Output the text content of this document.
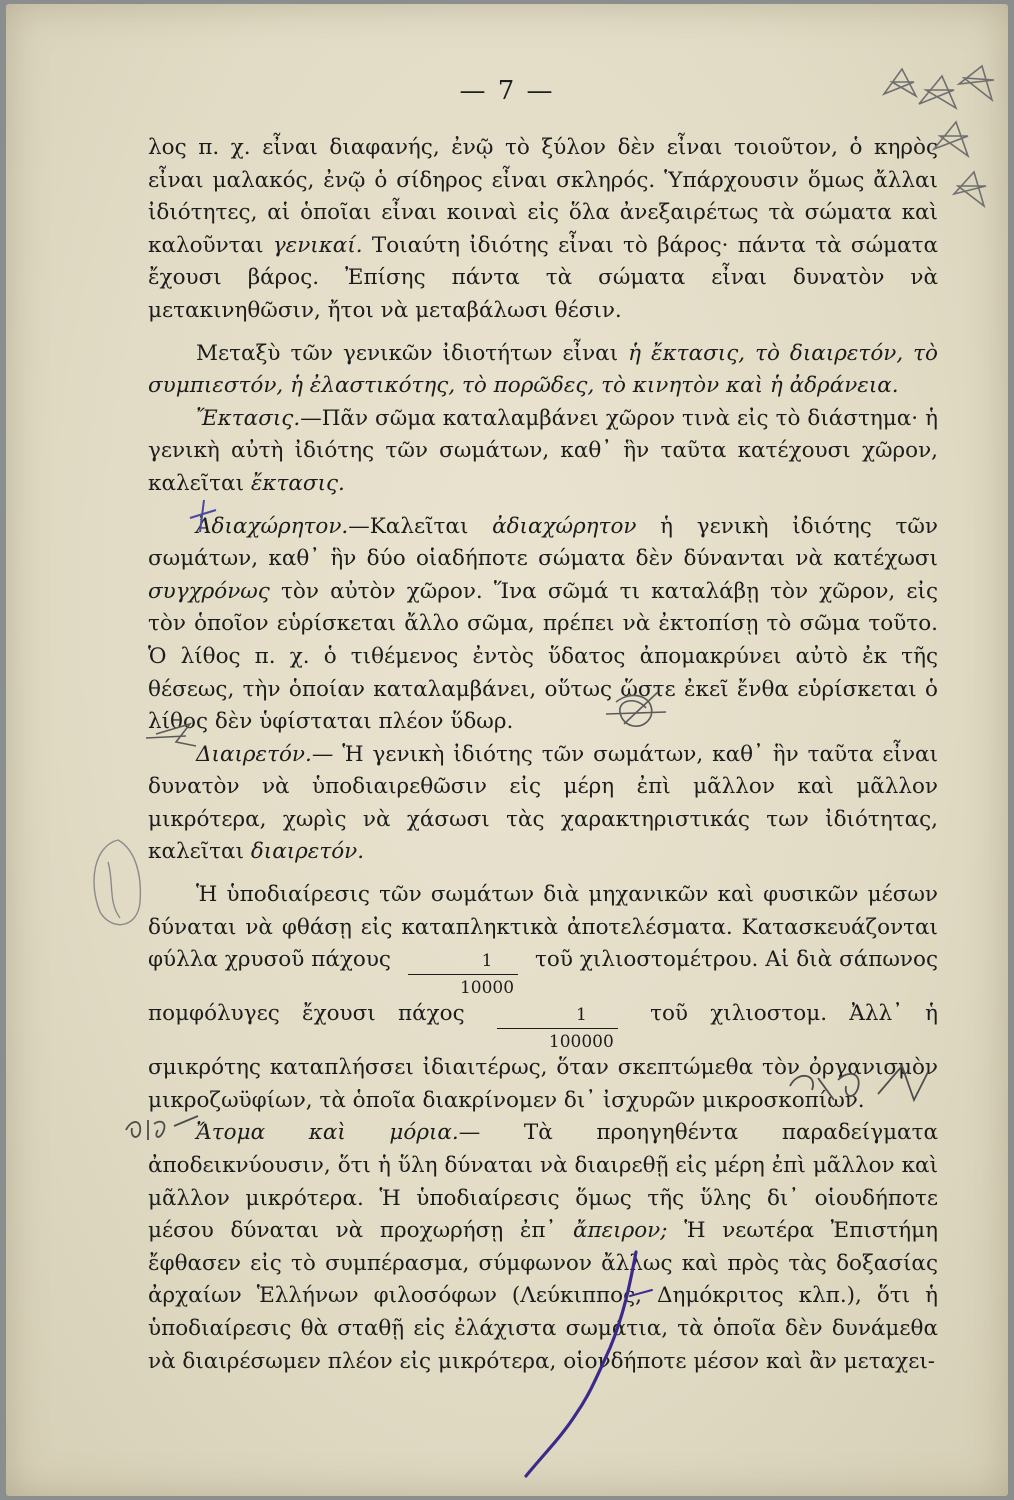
— 7 —

λος π. χ. εἶναι διαφανής, ἐνῷ τὸ ξύλον δὲν εἶναι τοιοῦτον, ὁ κηρὸς εἶναι μαλακός, ἐνῷ ὁ σίδηρος εἶναι σκληρός. Ὑπάρχουσιν ὅμως ἄλλαι ἰδιότητες, αἱ ὁποῖαι εἶναι κοιναὶ εἰς ὅλα ἀνεξαιρέτως τὰ σώματα καὶ καλοῦνται γενικαί. Τοιαύτη ἰδιότης εἶναι τὸ βάρος· πάντα τὰ σώματα ἔχουσι βάρος. Ἐπίσης πάντα τὰ σώματα εἶναι δυνατὸν νὰ μετακινηθῶσιν, ἤτοι νὰ μεταβάλωσι θέσιν.

Μεταξὺ τῶν γενικῶν ἰδιοτήτων εἶναι ἡ ἔκτασις, τὸ διαιρετόν, τὸ συμπιεστόν, ἡ ἐλαστικότης, τὸ πορῶδες, τὸ κινητὸν καὶ ἡ ἀδράνεια.

Ἔκτασις.—Πᾶν σῶμα καταλαμβάνει χῶρον τινὰ εἰς τὸ διάστημα· ἡ γενικὴ αὐτὴ ἰδιότης τῶν σωμάτων, καθ᾽ ἣν ταῦτα κατέχουσι χῶρον, καλεῖται ἔκτασις.

Ἀδιαχώρητον.—Καλεῖται ἀδιαχώρητον ἡ γενικὴ ἰδιότης τῶν σωμάτων, καθ᾽ ἣν δύο οἱαδήποτε σώματα δὲν δύνανται νὰ κατέχωσι συγχρόνως τὸν αὐτὸν χῶρον. Ἵνα σῶμά τι καταλάβῃ τὸν χῶρον, εἰς τὸν ὁποῖον εὑρίσκεται ἄλλο σῶμα, πρέπει νὰ ἐκτοπίσῃ τὸ σῶμα τοῦτο. Ὁ λίθος π. χ. ὁ τιθέμενος ἐντὸς ὕδατος ἀπομακρύνει αὐτὸ ἐκ τῆς θέσεως, τὴν ὁποίαν καταλαμβάνει, οὕτως ὥστε ἐκεῖ ἔνθα εὑρίσκεται ὁ λίθος δὲν ὑφίσταται πλέον ὕδωρ.

Διαιρετόν.— Ἡ γενικὴ ἰδιότης τῶν σωμάτων, καθ᾽ ἣν ταῦτα εἶναι δυνατὸν νὰ ὑποδιαιρεθῶσιν εἰς μέρη ἐπὶ μᾶλλον καὶ μᾶλλον μικρότερα, χωρὶς νὰ χάσωσι τὰς χαρακτηριστικάς των ἰδιότητας, καλεῖται διαιρετόν.

Ἡ ὑποδιαίρεσις τῶν σωμάτων διὰ μηχανικῶν καὶ φυσικῶν μέσων δύναται νὰ φθάσῃ εἰς καταπληκτικὰ ἀποτελέσματα. Κατασκευάζονται φύλλα χρυσοῦ πάχους $\frac{1}{10000}$ τοῦ χιλιοστομέτρου. Αἱ διὰ σάπωνος πομφόλυγες ἔχουσι πάχος $\frac{1}{100000}$ τοῦ χιλιοστομ. Ἀλλ᾽ ἡ σμικρότης καταπλήσσει ἰδιαιτέρως, ὅταν σκεπτώμεθα τὸν ὀργανισμὸν μικροζωϋφίων, τὰ ὁποῖα διακρίνομεν δι᾽ ἰσχυρῶν μικροσκοπίων.

Ἄτομα καὶ μόρια.— Τὰ προηγηθέντα παραδείγματα ἀποδεικνύουσιν, ὅτι ἡ ὕλη δύναται νὰ διαιρεθῇ εἰς μέρη ἐπὶ μᾶλλον καὶ μᾶλλον μικρότερα. Ἡ ὑποδιαίρεσις ὅμως τῆς ὕλης δι᾽ οἱουδήποτε μέσου δύναται νὰ προχωρήσῃ ἐπ᾽ ἄπειρον; Ἡ νεωτέρα Ἐπιστήμη ἔφθασεν εἰς τὸ συμπέρασμα, σύμφωνον ἄλλως καὶ πρὸς τὰς δοξασίας ἀρχαίων Ἑλλήνων φιλοσόφων (Λεύκιππος, Δημόκριτος κλπ.), ὅτι ἡ ὑποδιαίρεσις θὰ σταθῇ εἰς ἐλάχιστα σωμάτια, τὰ ὁποῖα δὲν δυνάμεθα νὰ διαιρέσωμεν πλέον εἰς μικρότερα, οἱονδήποτε μέσον καὶ ἂν μεταχει-
